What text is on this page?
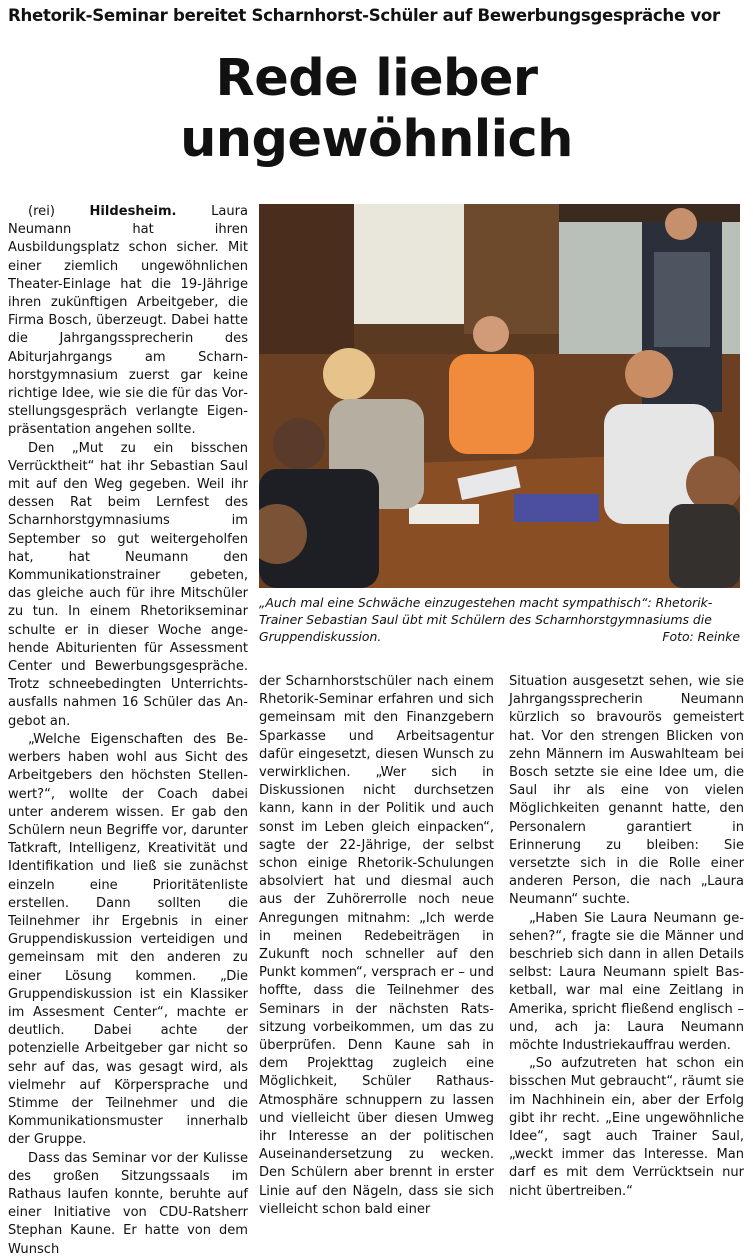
Rhetorik-Seminar bereitet Scharnhorst-Schüler auf Bewerbungsgespräche vor
Rede lieber
ungewöhnlich
„Auch mal eine Schwäche einzugestehen macht sympathisch“: Rhetorik-Trainer Sebastian Saul übt mit Schülern des Scharnhorstgymnasiums die Gruppendiskussion.	Foto: Reinke

(rei)	Hildesheim.	Laura Neumann hat ihren Ausbildungsplatz schon sicher. Mit einer ziemlich ungewöhnlichen Theater-Einlage hat die 19-Jährige ihren zukünftigen Arbeitgeber, die Firma Bosch, überzeugt. Dabei hatte die Jahrgangssprecherin des Abiturjahrgangs am Scharnhorstgymnasium zuerst gar keine richtige Idee, wie sie die für das Vorstellungsgespräch verlangte Eigenpräsentation angehen sollte.

Den „Mut zu ein bisschen Verrücktheit“ hat ihr Sebastian Saul mit auf den Weg gegeben. Weil ihr dessen Rat beim Lernfest des Scharnhorstgymnasiums im September so gut weitergeholfen hat, hat Neumann den Kommunikationstrainer gebeten, das gleiche auch für ihre Mitschüler zu tun. In einem Rhetorikseminar schulte er in dieser Woche angehende Abiturienten für Assessment Center und Bewerbungsgespräche. Trotz schneebedingten Unterrichtsausfalls nahmen 16 Schüler das Angebot an.

„Welche Eigenschaften des Bewerbers haben wohl aus Sicht des Arbeitgebers den höchsten Stellenwert?“, wollte der Coach dabei unter anderem wissen. Er gab den Schülern neun Begriffe vor, darunter Tatkraft, Intelligenz, Kreativität und Identifikation und ließ sie zunächst einzeln eine Prioritätenliste erstellen. Dann sollten die Teilnehmer ihr Ergebnis in einer Gruppendiskussion verteidigen und gemeinsam mit den anderen zu einer Lösung kommen. „Die Gruppendiskussion ist ein Klassiker im Assesment Center“, machte er deutlich. Dabei achte der potenzielle Arbeitgeber gar nicht so sehr auf das, was gesagt wird, als vielmehr auf Körpersprache und Stimme der Teilnehmer und die Kommunikationsmuster innerhalb der Gruppe.

Dass das Seminar vor der Kulisse des großen Sitzungssaals im Rathaus laufen konnte, beruhte auf einer Initiative von CDU-Ratsherr Stephan Kaune. Er hatte von dem Wunsch

der Scharnhorstschüler nach einem Rhetorik-Seminar erfahren und sich gemeinsam mit den Finanzgebern Sparkasse und Arbeitsagentur dafür eingesetzt, diesen Wunsch zu verwirklichen. „Wer sich in Diskussionen nicht durchsetzen kann, kann in der Politik und auch sonst im Leben gleich einpacken“, sagte der 22-Jährige, der selbst schon einige Rhetorik-Schulungen absolviert hat und diesmal auch aus der Zuhörerrolle noch neue Anregungen mitnahm: „Ich werde in meinen Redebeiträgen in Zukunft noch schneller auf den Punkt kommen“, versprach er – und hoffte, dass die Teilnehmer des Seminars in der nächsten Ratssitzung vorbeikommen, um das zu überprüfen. Denn Kaune sah in dem Projekttag zugleich eine Möglichkeit, Schüler Rathaus-Atmosphäre schnuppern zu lassen und vielleicht über diesen Umweg ihr Interesse an der politischen Auseinandersetzung zu wecken. Den Schülern aber brennt in erster Linie auf den Nägeln, dass sie sich vielleicht schon bald einer

Situation ausgesetzt sehen, wie sie Jahrgangssprecherin Neumann kürzlich so bravourös gemeistert hat. Vor den strengen Blicken von zehn Männern im Auswahlteam bei Bosch setzte sie eine Idee um, die Saul ihr als eine von vielen Möglichkeiten genannt hatte, den Personalern garantiert in Erinnerung zu bleiben: Sie versetzte sich in die Rolle einer anderen Person, die nach „Laura Neumann“ suchte.

„Haben Sie Laura Neumann gesehen?“, fragte sie die Männer und beschrieb sich dann in allen Details selbst: Laura Neumann spielt Basketball, war mal eine Zeitlang in Amerika, spricht fließend englisch – und, ach ja: Laura Neumann möchte Industriekauffrau werden.

„So aufzutreten hat schon ein bisschen Mut gebraucht“, räumt sie im Nachhinein ein, aber der Erfolg gibt ihr recht. „Eine ungewöhnliche Idee“, sagt auch Trainer Saul, „weckt immer das Interesse. Man darf es mit dem Verrücktsein nur nicht übertreiben.“
